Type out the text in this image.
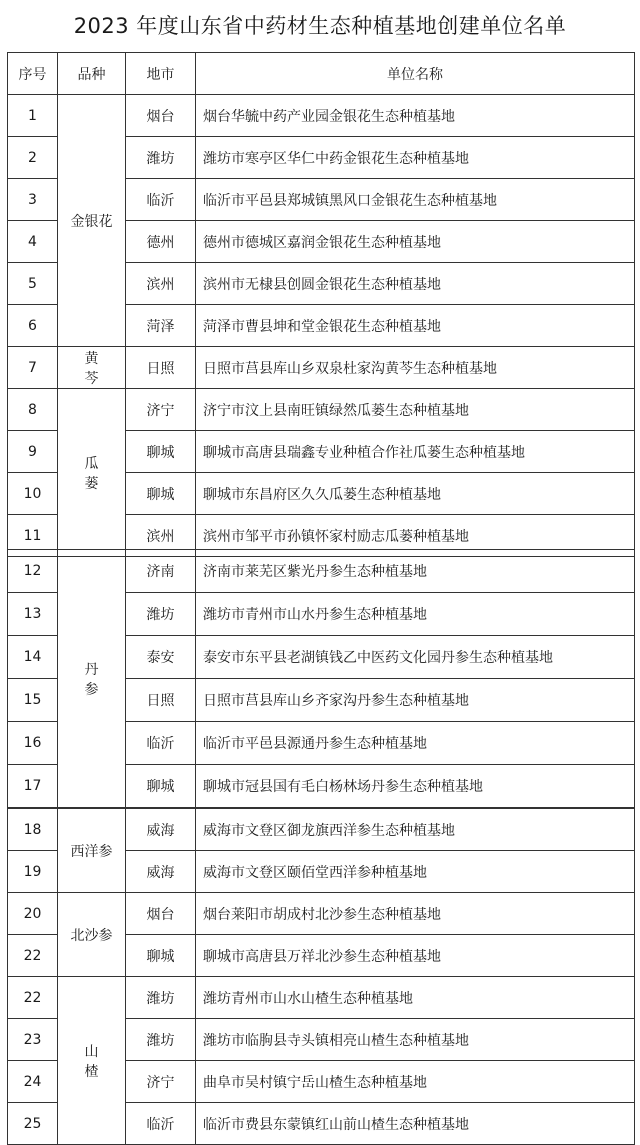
2023 年度山东省中药材生态种植基地创建单位名单
序号	品种	地市	单位名称
1	金银花	烟台	烟台华毓中药产业园金银花生态种植基地
2		潍坊	潍坊市寒亭区华仁中药金银花生态种植基地
3		临沂	临沂市平邑县郑城镇黑风口金银花生态种植基地
4		德州	德州市德城区嘉润金银花生态种植基地
5		滨州	滨州市无棣县创圆金银花生态种植基地
6		菏泽	菏泽市曹县坤和堂金银花生态种植基地
7	黄芩	日照	日照市莒县库山乡双泉杜家沟黄芩生态种植基地
8	瓜蒌	济宁	济宁市汶上县南旺镇绿然瓜蒌生态种植基地
9		聊城	聊城市高唐县瑞鑫专业种植合作社瓜蒌生态种植基地
10		聊城	聊城市东昌府区久久瓜蒌生态种植基地
11		滨州	滨州市邹平市孙镇怀家村励志瓜蒌种植基地
12	丹参	济南	济南市莱芜区紫光丹参生态种植基地
13		潍坊	潍坊市青州市山水丹参生态种植基地
14		泰安	泰安市东平县老湖镇钱乙中医药文化园丹参生态种植基地
15		日照	日照市莒县库山乡齐家沟丹参生态种植基地
16		临沂	临沂市平邑县源通丹参生态种植基地
17		聊城	聊城市冠县国有毛白杨林场丹参生态种植基地
18	西洋参	威海	威海市文登区御龙旗西洋参生态种植基地
19		威海	威海市文登区颐佰堂西洋参种植基地
20	北沙参	烟台	烟台莱阳市胡成村北沙参生态种植基地
22		聊城	聊城市高唐县万祥北沙参生态种植基地
22	山楂	潍坊	潍坊青州市山水山楂生态种植基地
23		潍坊	潍坊市临朐县寺头镇相亮山楂生态种植基地
24		济宁	曲阜市吴村镇宁岳山楂生态种植基地
25		临沂	临沂市费县东蒙镇红山前山楂生态种植基地
